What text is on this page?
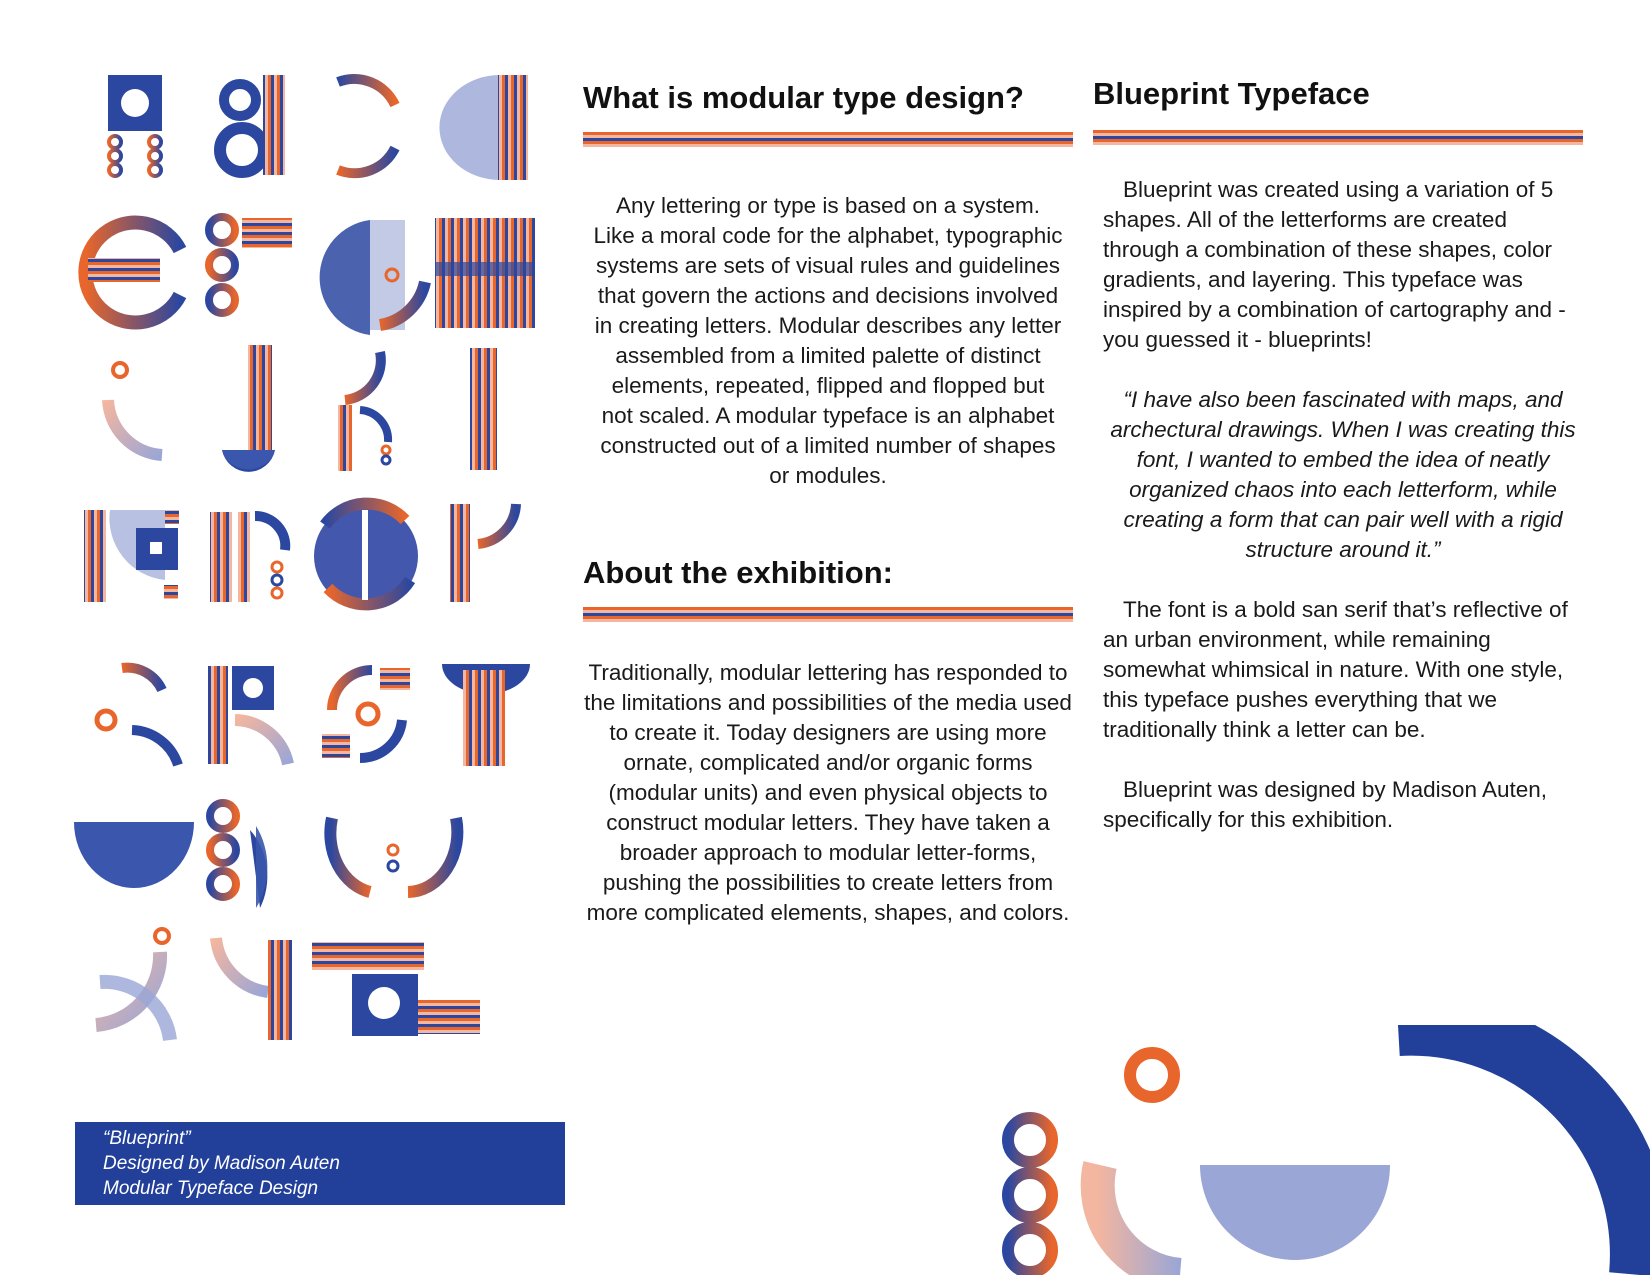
“Blueprint”
Designed by Madison Auten
Modular Typeface Design
What is modular type design?

Any lettering or type is based on a system. Like a moral code for the alphabet, typographic systems are sets of visual rules and guidelines that govern the actions and decisions involved in creating letters. Modular describes any letter assembled from a limited palette of distinct elements, repeated, flipped and flopped but not scaled. A modular typeface is an alphabet constructed out of a limited number of shapes or modules.

About the exhibition:

Traditionally, modular lettering has responded to the limitations and possibilities of the media used to create it. Today designers are using more ornate, complicated and/or organic forms (modular units) and even physical objects to construct modular letters. They have taken a broader approach to modular letter-forms, pushing the possibilities to create letters from more complicated elements, shapes, and colors.

Blueprint Typeface

Blueprint was created using a variation of 5 shapes. All of the letterforms are created through a combination of these shapes, color gradients, and layering. This typeface was inspired by a combination of cartography and - you guessed it - blueprints!

“I have also been fascinated with maps, and archectural drawings. When I was creating this font, I wanted to embed the idea of neatly organized chaos into each letterform, while creating a form that can pair well with a rigid structure around it.”

The font is a bold san serif that’s reflective of an urban environment, while remaining somewhat whimsical in nature. With one style, this typeface pushes everything that we traditionally think a letter can be.

Blueprint was designed by Madison Auten, specifically for this exhibition.
